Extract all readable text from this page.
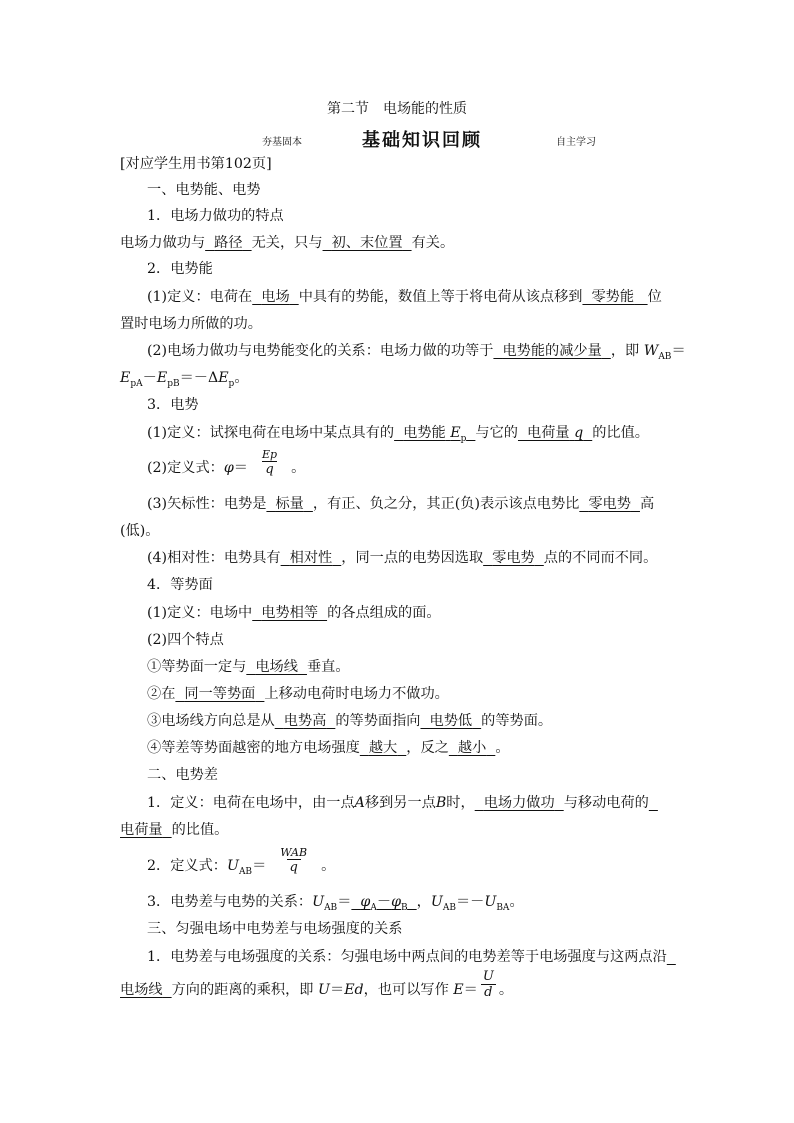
第二节　电场能的性质
夯基固本	基础知识回顾	自主学习
[对应学生用书第102页]
一、电势能、电势
1．电场力做功的特点
电场力做功与 路径 无关，只与 初、末位置 有关。
2．电势能
(1)定义：电荷在 电场 中具有的势能，数值上等于将电荷从该点移到 零势能 位
置时电场力所做的功。
(2)电场力做功与电势能变化的关系：电场力做的功等于 电势能的减少量 ，即 $W_{AB}=$
$E_{pA}-E_{pB}=-\Delta E_p$。
3．电势
(1)定义：试探电荷在电场中某点具有的 电势能 $E_p$ 与它的 电荷量 q 的比值。
(2)定义式：$\varphi= \frac{Ep}{q}$ 。
(3)矢标性：电势是 标量 ，有正、负之分，其正(负)表示该点电势比 零电势 高
(低)。
(4)相对性：电势具有 相对性 ，同一点的电势因选取 零电势 点的不同而不同。
4．等势面
(1)定义：电场中 电势相等 的各点组成的面。
(2)四个特点
①等势面一定与 电场线 垂直。
②在 同一等势面 上移动电荷时电场力不做功。
③电场线方向总是从 电势高 的等势面指向 电势低 的等势面。
④等差等势面越密的地方电场强度 越大 ，反之 越小 。
二、电势差
1．定义：电荷在电场中，由一点A移到另一点B时， 电场力做功 与移动电荷的
电荷量 的比值。
2．定义式：$U_{AB}= \frac{\text{WAB}}{q}$ 。
3．电势差与电势的关系：$U_{AB}= \varphi_A-\varphi_B$ ，$U_{AB}=-U_{BA}$。
三、匀强电场中电势差与电场强度的关系
1．电势差与电场强度的关系：匀强电场中两点间的电势差等于电场强度与这两点沿
电场线 方向的距离的乘积，即 U＝Ed，也可以写作 $E= \frac{U}{d}$ 。
